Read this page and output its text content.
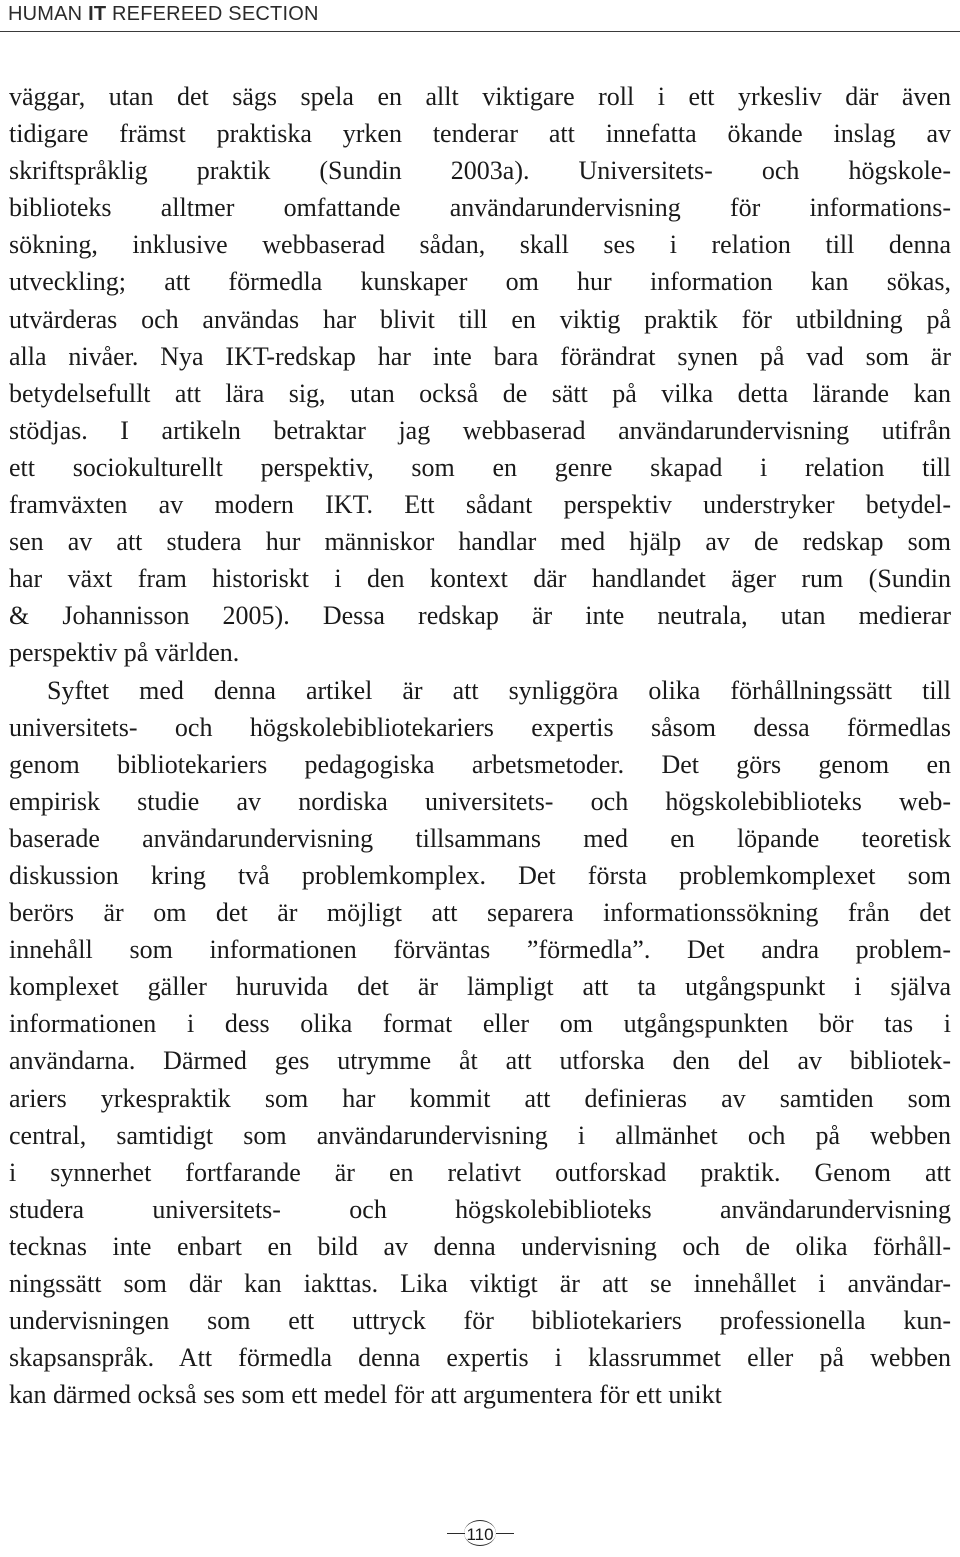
HUMAN IT REFEREED SECTION
väggar, utan det sägs spela en allt viktigare roll i ett yrkesliv där även
tidigare främst praktiska yrken tenderar att innefatta ökande inslag av
skriftspråklig praktik (Sundin 2003a). Universitets- och högskole-
biblioteks alltmer omfattande användarundervisning för informations-
sökning, inklusive webbaserad sådan, skall ses i relation till denna
utveckling; att förmedla kunskaper om hur information kan sökas,
utvärderas och användas har blivit till en viktig praktik för utbildning på
alla nivåer. Nya IKT-redskap har inte bara förändrat synen på vad som är
betydelsefullt att lära sig, utan också de sätt på vilka detta lärande kan
stödjas. I artikeln betraktar jag webbaserad användarundervisning utifrån
ett sociokulturellt perspektiv, som en genre skapad i relation till
framväxten av modern IKT. Ett sådant perspektiv understryker betydel-
sen av att studera hur människor handlar med hjälp av de redskap som
har växt fram historiskt i den kontext där handlandet äger rum (Sundin
& Johannisson 2005). Dessa redskap är inte neutrala, utan medierar
perspektiv på världen.
Syftet med denna artikel är att synliggöra olika förhållningssätt till
universitets- och högskolebibliotekariers expertis såsom dessa förmedlas
genom bibliotekariers pedagogiska arbetsmetoder. Det görs genom en
empirisk studie av nordiska universitets- och högskolebiblioteks web-
baserade användarundervisning tillsammans med en löpande teoretisk
diskussion kring två problemkomplex. Det första problemkomplexet som
berörs är om det är möjligt att separera informationssökning från det
innehåll som informationen förväntas ”förmedla”. Det andra problem-
komplexet gäller huruvida det är lämpligt att ta utgångspunkt i själva
informationen i dess olika format eller om utgångspunkten bör tas i
användarna. Därmed ges utrymme åt att utforska den del av bibliotek-
ariers yrkespraktik som har kommit att definieras av samtiden som
central, samtidigt som användarundervisning i allmänhet och på webben
i synnerhet fortfarande är en relativt outforskad praktik. Genom att
studera universitets- och högskolebiblioteks användarundervisning
tecknas inte enbart en bild av denna undervisning och de olika förhåll-
ningssätt som där kan iakttas. Lika viktigt är att se innehållet i användar-
undervisningen som ett uttryck för bibliotekariers professionella kun-
skapsanspråk. Att förmedla denna expertis i klassrummet eller på webben
kan därmed också ses som ett medel för att argumentera för ett unikt
110
